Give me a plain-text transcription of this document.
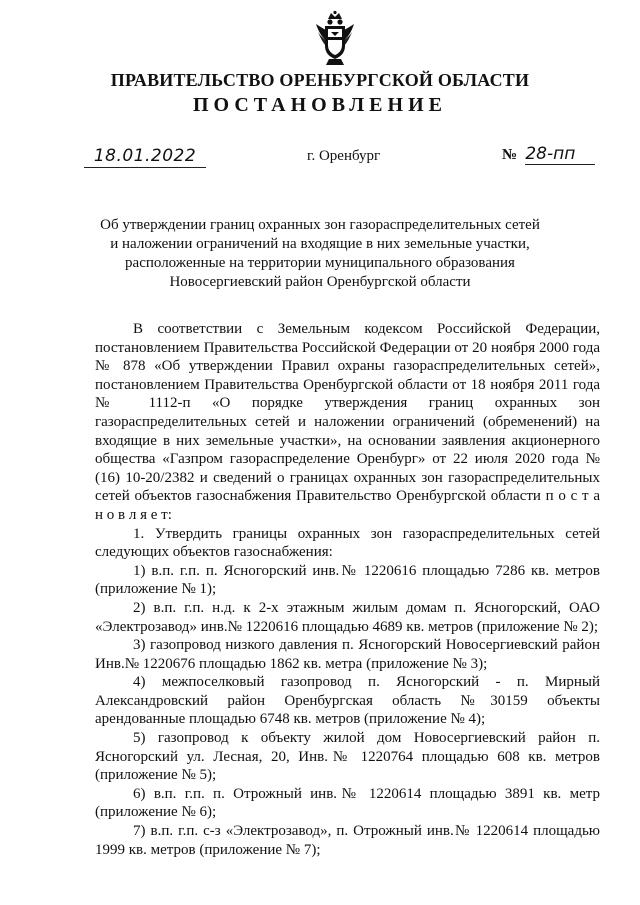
ПРАВИТЕЛЬСТВО ОРЕНБУРГСКОЙ ОБЛАСТИ
ПОСТАНОВЛЕНИЕ
18.01.2022	г. Оренбург	№ 28-пп
Об утверждении границ охранных зон газораспределительных сетей и наложении ограничений на входящие в них земельные участки, расположенные на территории муниципального образования Новосергиевский район Оренбургской области

В соответствии с Земельным кодексом Российской Федерации, постановлением Правительства Российской Федерации от 20 ноября 2000 года № 878 «Об утверждении Правил охраны газораспределительных сетей», постановлением Правительства Оренбургской области от 18 ноября 2011 года № 1112-п «О порядке утверждения границ охранных зон газораспределительных сетей и наложении ограничений (обременений) на входящие в них земельные участки», на основании заявления акционерного общества «Газпром газораспределение Оренбург» от 22 июля 2020 года № (16) 10-20/2382 и сведений о границах охранных зон газораспределительных сетей объектов газоснабжения Правительство Оренбургской области п о с т а н о в л я е т:

1. Утвердить границы охранных зон газораспределительных сетей следующих объектов газоснабжения:

1) в.п. г.п. п. Ясногорский инв.№ 1220616 площадью 7286 кв. метров (приложение № 1);

2) в.п. г.п. н.д. к 2-х этажным жилым домам п. Ясногорский, ОАО «Электрозавод» инв.№ 1220616 площадью 4689 кв. метров (приложение № 2);

3) газопровод низкого давления п. Ясногорский Новосергиевский район Инв.№ 1220676 площадью 1862 кв. метра (приложение № 3);

4) межпоселковый газопровод п. Ясногорский - п. Мирный Александровский район Оренбургская область №30159 объекты арендованные площадью 6748 кв. метров (приложение № 4);

5) газопровод к объекту жилой дом Новосергиевский район п. Ясногорский ул. Лесная, 20, Инв.№ 1220764 площадью 608 кв. метров (приложение № 5);

6) в.п. г.п. п. Отрожный инв.№ 1220614 площадью 3891 кв. метр (приложение № 6);

7) в.п. г.п. с-з «Электрозавод», п. Отрожный инв.№ 1220614 площадью 1999 кв. метров (приложение № 7);
